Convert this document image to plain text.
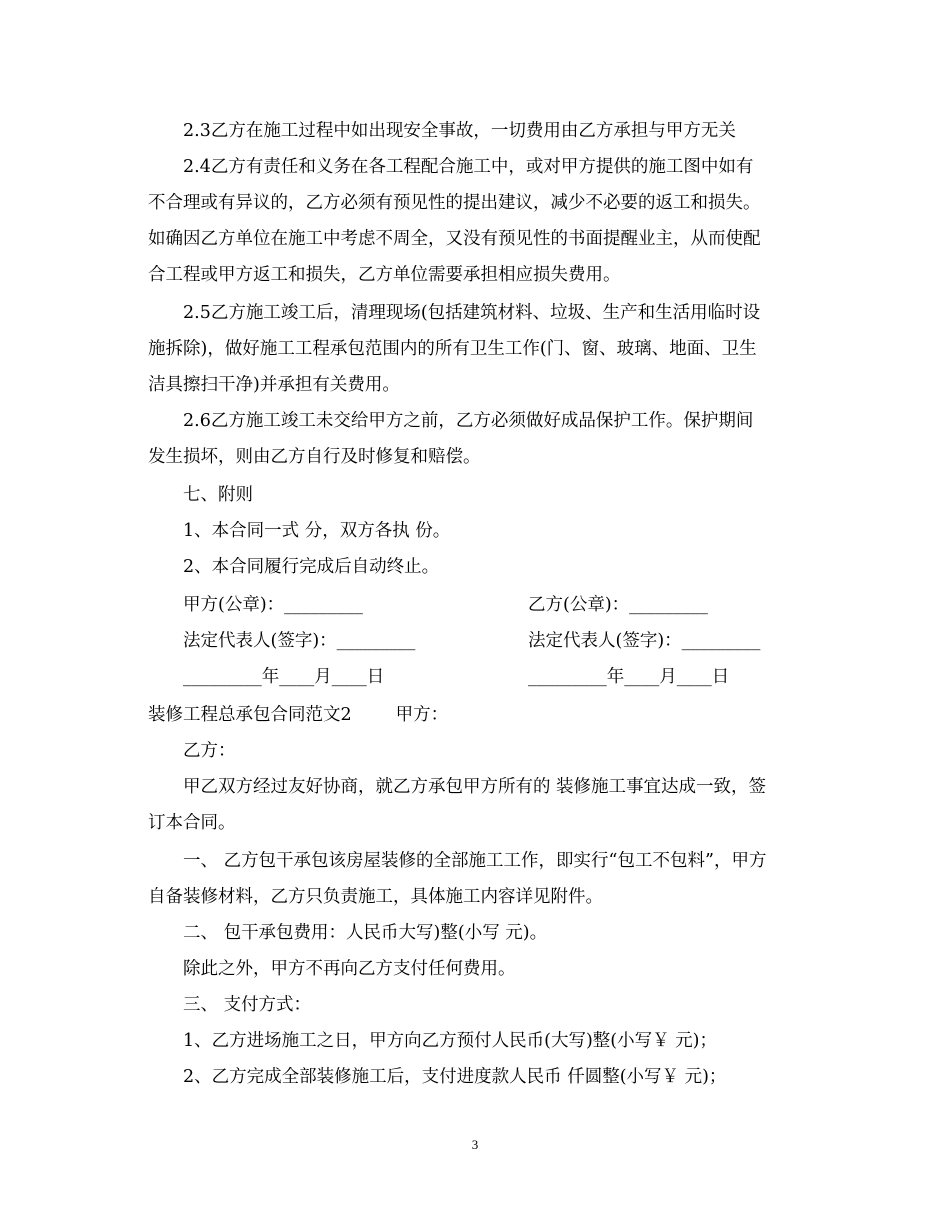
2.3乙方在施工过程中如出现安全事故，一切费用由乙方承担与甲方无关
2.4乙方有责任和义务在各工程配合施工中，或对甲方提供的施工图中如有
不合理或有异议的，乙方必须有预见性的提出建议，减少不必要的返工和损失。
如确因乙方单位在施工中考虑不周全，又没有预见性的书面提醒业主，从而使配
合工程或甲方返工和损失，乙方单位需要承担相应损失费用。
2.5乙方施工竣工后，清理现场(包括建筑材料、垃圾、生产和生活用临时设
施拆除)，做好施工工程承包范围内的所有卫生工作(门、窗、玻璃、地面、卫生
洁具擦扫干净)并承担有关费用。
2.6乙方施工竣工未交给甲方之前，乙方必须做好成品保护工作。保护期间
发生损坏，则由乙方自行及时修复和赔偿。
七、附则
1、本合同一式 分，双方各执 份。
2、本合同履行完成后自动终止。
甲方(公章)：_________	乙方(公章)：_________
法定代表人(签字)：_________	法定代表人(签字)：_________
_________年____月____日	_________年____月____日
装修工程总承包合同范文2	甲方：
乙方：
甲乙双方经过友好协商，就乙方承包甲方所有的 装修施工事宜达成一致，签
订本合同。
一、 乙方包干承包该房屋装修的全部施工工作，即实行“包工不包料”，甲方
自备装修材料，乙方只负责施工，具体施工内容详见附件。
二、 包干承包费用：人民币大写)整(小写 元)。
除此之外，甲方不再向乙方支付任何费用。
三、 支付方式：
1、乙方进场施工之日，甲方向乙方预付人民币(大写)整(小写￥ 元)；
2、乙方完成全部装修施工后，支付进度款人民币 仟圆整(小写￥ 元)；
3
